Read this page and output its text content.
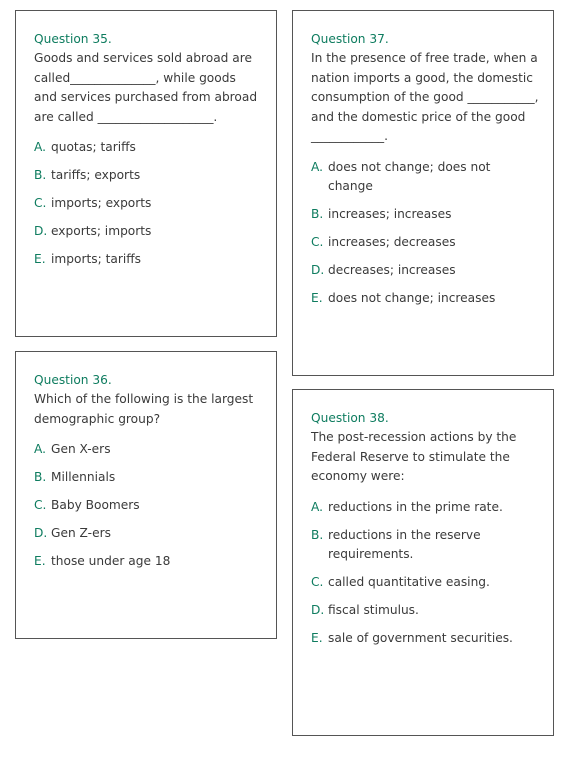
Question 35.
Goods and services sold abroad are called______________, while goods and services purchased from abroad are called ___________________.
A. quotas; tariffs
B. tariffs; exports
C. imports; exports
D. exports; imports
E. imports; tariffs
Question 36.
Which of the following is the largest demographic group?
A. Gen X-ers
B. Millennials
C. Baby Boomers
D. Gen Z-ers
E. those under age 18
Question 37.
In the presence of free trade, when a nation imports a good, the domestic consumption of the good ___________, and the domestic price of the good ____________.
A. does not change; does not change
B. increases; increases
C. increases; decreases
D. decreases; increases
E. does not change; increases
Question 38.
The post-recession actions by the Federal Reserve to stimulate the economy were:
A. reductions in the prime rate.
B. reductions in the reserve requirements.
C. called quantitative easing.
D. fiscal stimulus.
E. sale of government securities.
